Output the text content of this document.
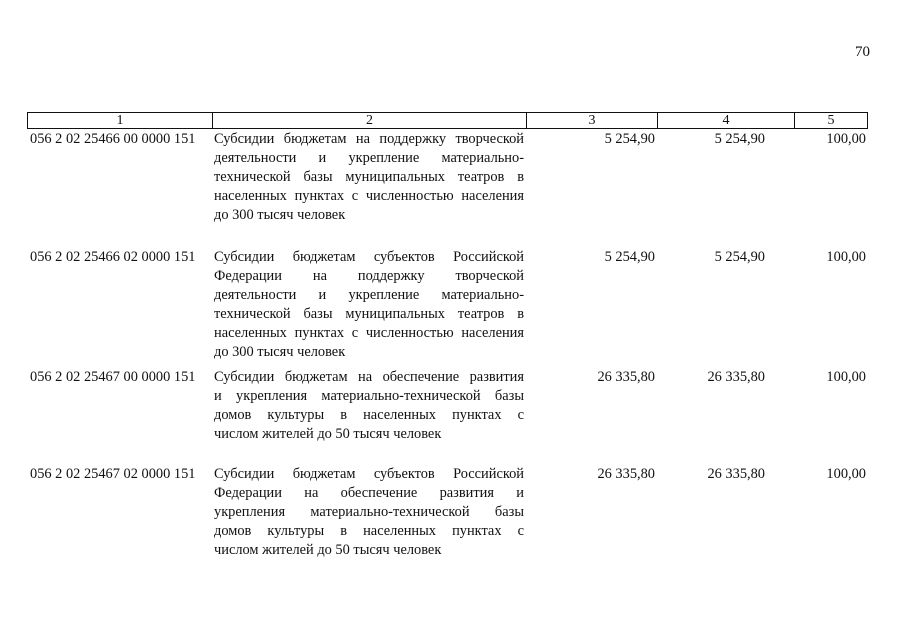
70
1	2	3	4	5
056 2 02 25466 00 0000 151	Субсидии бюджетам на поддержку творческой
деятельности и укрепление материально-
технической базы муниципальных театров в
населенных пунктах с численностью населения
до 300 тысяч человек
5 254,90	5 254,90	100,00
056 2 02 25466 02 0000 151	Субсидии бюджетам субъектов Российской
Федерации на поддержку творческой
деятельности и укрепление материально-
технической базы муниципальных театров в
населенных пунктах с численностью населения
до 300 тысяч человек
5 254,90	5 254,90	100,00
056 2 02 25467 00 0000 151	Субсидии бюджетам на обеспечение развития
и укрепления материально-технической базы
домов культуры в населенных пунктах с
числом жителей до 50 тысяч человек
26 335,80	26 335,80	100,00
056 2 02 25467 02 0000 151	Субсидии бюджетам субъектов Российской
Федерации на обеспечение развития и
укрепления материально-технической базы
домов культуры в населенных пунктах с
числом жителей до 50 тысяч человек
26 335,80	26 335,80	100,00
